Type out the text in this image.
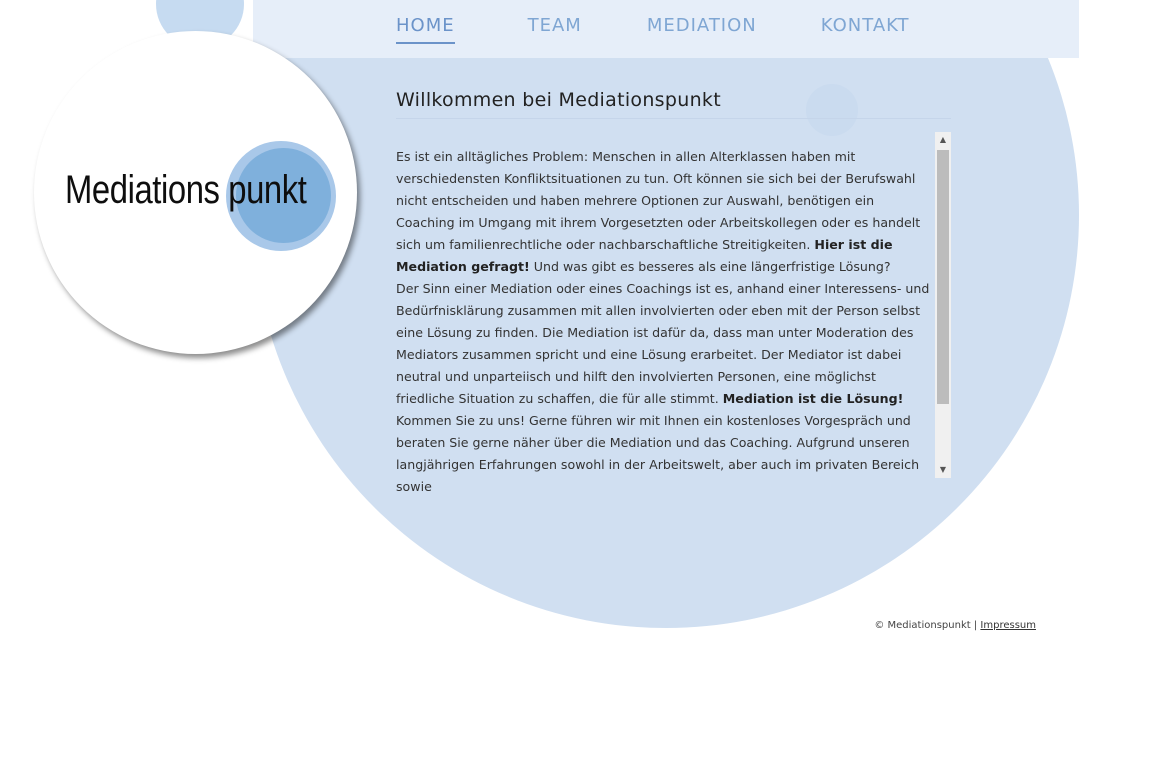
HOME	TEAM	MEDIATION	KONTAKT
Mediations punkt
Willkommen bei Mediationspunkt

Es ist ein alltägliches Problem: Menschen in allen Alterklassen haben mit verschiedensten Konfliktsituationen zu tun. Oft können sie sich bei der Berufswahl nicht entscheiden und haben mehrere Optionen zur Auswahl, benötigen ein Coaching im Umgang mit ihrem Vorgesetzten oder Arbeitskollegen oder es handelt sich um familienrechtliche oder nachbarschaftliche Streitigkeiten. Hier ist die Mediation gefragt! Und was gibt es besseres als eine längerfristige Lösung?

Der Sinn einer Mediation oder eines Coachings ist es, anhand einer Interessens- und Bedürfnisklärung zusammen mit allen involvierten oder eben mit der Person selbst eine Lösung zu finden. Die Mediation ist dafür da, dass man unter Moderation des Mediators zusammen spricht und eine Lösung erarbeitet. Der Mediator ist dabei neutral und unparteiisch und hilft den involvierten Personen, eine möglichst friedliche Situation zu schaffen, die für alle stimmt. Mediation ist die Lösung!

Kommen Sie zu uns! Gerne führen wir mit Ihnen ein kostenloses Vorgespräch und beraten Sie gerne näher über die Mediation und das Coaching. Aufgrund unseren langjährigen Erfahrungen sowohl in der Arbeitswelt, aber auch im privaten Bereich sowie

▲
▼
© Mediationspunkt | Impressum
